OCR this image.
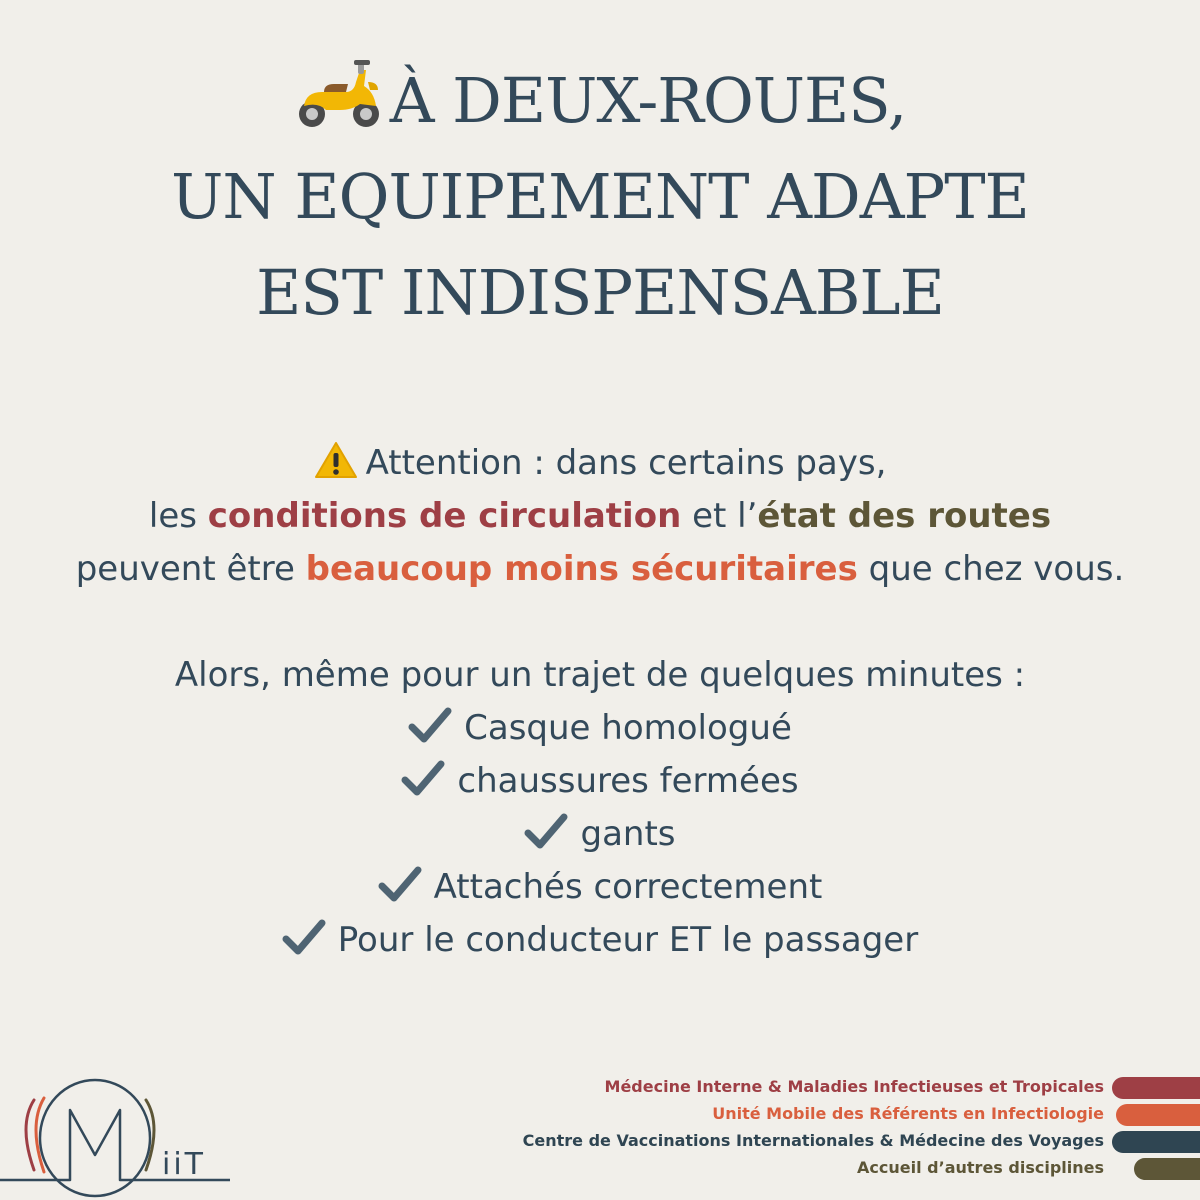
À DEUX-ROUES,
UN EQUIPEMENT ADAPTE
EST INDISPENSABLE
Attention : dans certains pays,
les conditions de circulation et l’état des routes
peuvent être beaucoup moins sécuritaires que chez vous.
Alors, même pour un trajet de quelques minutes :
Casque homologué
chaussures fermées
gants
Attachés correctement
Pour le conducteur ET le passager
iiT
Médecine Interne & Maladies Infectieuses et Tropicales
Unité Mobile des Référents en Infectiologie
Centre de Vaccinations Internationales & Médecine des Voyages
Accueil d’autres disciplines
